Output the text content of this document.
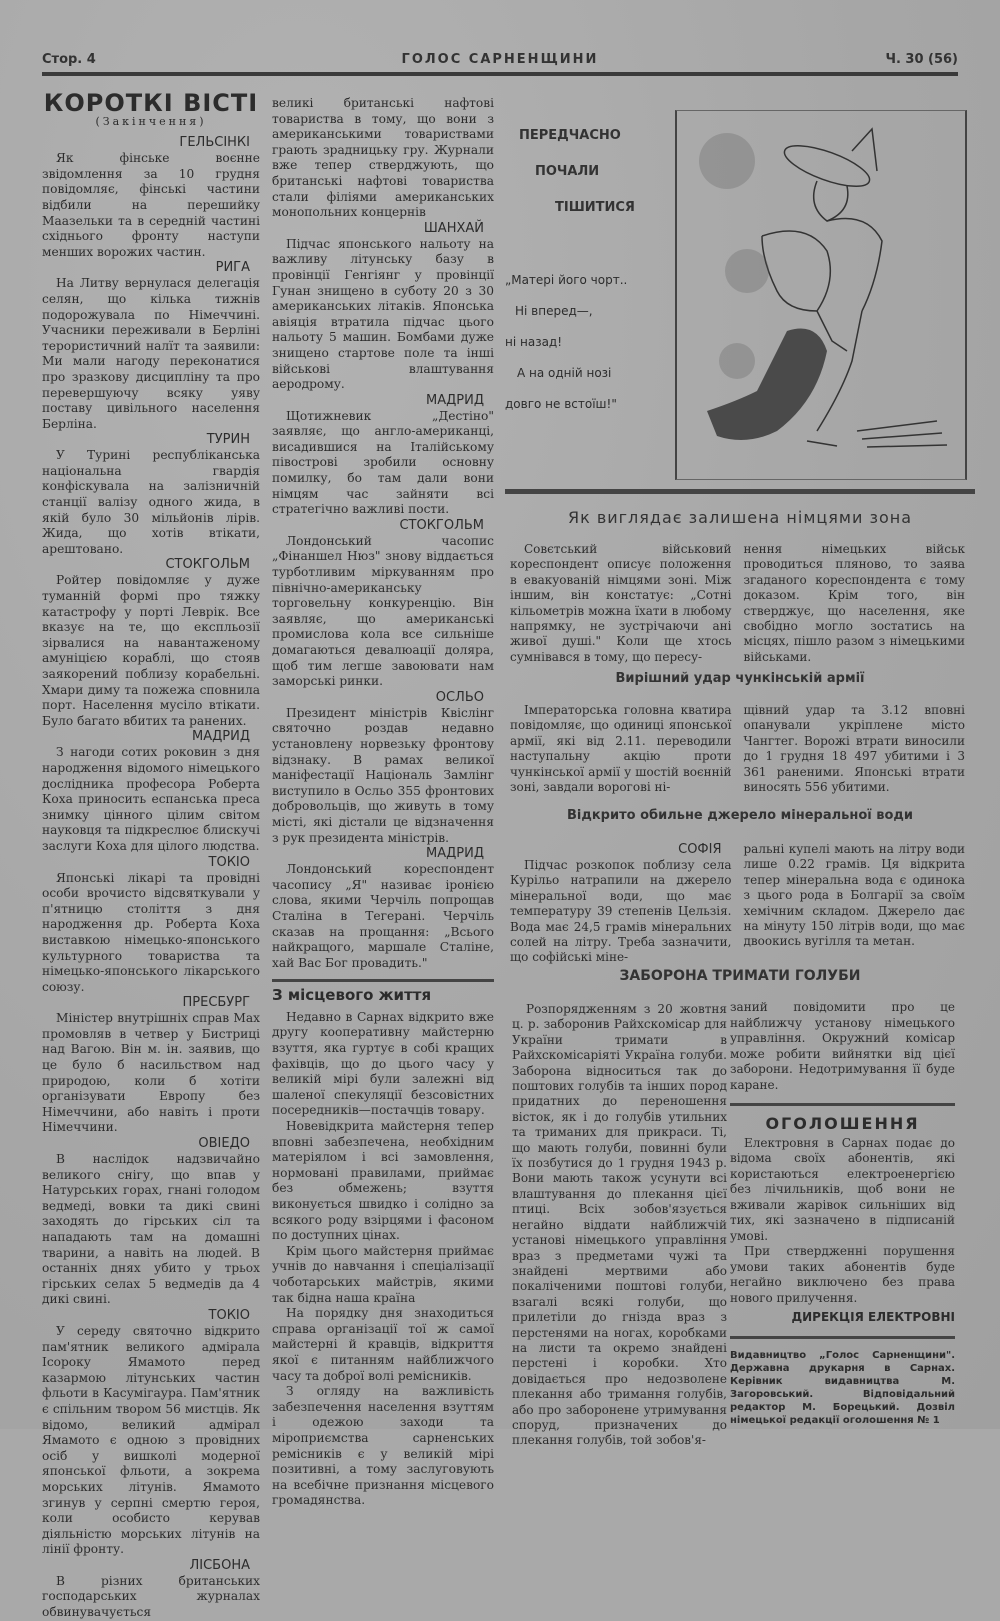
Стор. 4	ГОЛОС САРНЕНЩИНИ	Ч. 30 (56)
КОРОТКІ ВІСТІ
(Закінчення)
ГЕЛЬСІНКІ

Як фінське воєнне звідомлення за 10 грудня повідомляє, фінські частини відбили на перешийку Маазельки та в середній частині східнього фронту наступи менших ворожих частин.

РИГА

На Литву вернулася делегація селян, що кілька тижнів подорожувала по Німеччині. Учасники переживали в Берліні терористичний налїт та заявили: Ми мали нагоду переконатися про зразкову дисципліну та про перевершуючу всяку уяву поставу цивільного населення Берліна.

ТУРИН

У Турині республіканська національна гвардія конфіскувала на залізничній станції валізу одного жида, в якій було 30 мільйонів лірів. Жида, що хотів втікати, арештовано.

СТОКГОЛЬМ

Ройтер повідомляє у дуже туманній формі про тяжку катастрофу у порті Леврік. Все вказує на те, що експльозії зірвалися на навантаженому амуніцією кораблі, що стояв заякорений поблизу корабельні. Хмари диму та пожежа сповнила порт. Населення мусіло втікати. Було багато вбитих та ранених.

МАДРИД

З нагоди сотих роковин з дня народження відомого німецького дослідника професора Роберта Коха приносить еспанська преса знимку цінного цілим світом науковця та підкреслює блискучі заслуги Коха для цілого людства.

ТОКІО

Японські лікарі та провідні особи врочисто відсвяткували у п'ятницю століття з дня народження др. Роберта Коха виставкою німецько-японського культурного товариства та німецько-японського лікарського союзу.

ПРЕСБУРГ

Міністер внутрішніх справ Мах промовляв в четвер у Бистриці над Вагою. Він м. ін. заявив, що це було б насильством над природою, коли б хотіти організувати Европу без Німеччини, або навіть і проти Німеччини.

ОВІЕДО

В наслідок надзвичайно великого снігу, що впав у Натурських горах, гнані голодом ведмеді, вовки та дикі свині заходять до гірських сіл та нападають там на домашні тварини, а навіть на людей. В останніх днях убито у трьох гірських селах 5 ведмедів да 4 дикі свині.

ТОКІО

У середу святочно відкрито пам'ятник великого адмірала Ісороку Ямамото перед казармою літунських частин фльоти в Касумігаура. Пам'ятник є спільним твором 56 мистців. Як відомо, великий адмірал Ямамото є одною з провідних осіб у вишколі модерної японської фльоти, а зокрема морських літунів. Ямамото згинув у серпні смертю героя, коли особисто керував діяльністю морських літунів на лінії фронту.

ЛІСБОНА

В різних британських господарських журналах обвинувачується

великі британські нафтові товариства в тому, що вони з американськими товариствами грають зрадницьку гру. Журнали вже тепер стверджують, що британські нафтові товариства стали філіями американських монопольних концернів

ШАНХАЙ

Підчас японського нальоту на важливу літунську базу в провінції Генгіянг у провінції Гунан знищено в суботу 20 з 30 американських літаків. Японська авіяція втратила підчас цього нальоту 5 машин. Бомбами дуже знищено стартове поле та інші військові влаштування аеродрому.

МАДРИД

Щотижневик „Дестіно" заявляє, що англо-американці, висадившися на Італійському півострові зробили основну помилку, бо там дали вони німцям час зайняти всі стратегічно важливі пости.

СТОКГОЛЬМ

Лондонський часопис „Фінаншел Нюз" знову віддається турботливим міркуванням про північно-американську торговельну конкуренцію. Він заявляє, що американські промислова кола все сильніше домагаються девалюації доляра, щоб тим легше завоювати нам заморські ринки.

ОСЛЬО

Президент міністрів Квіслінг святочно роздав недавно установлену норвезьку фронтову відзнаку. В рамах великої маніфестації Національ Замлінг виступило в Осльо 355 фронтових добровольців, що живуть в тому місті, які дістали це відзначення з рук президента міністрів.

МАДРИД

Лондонський кореспондент часопису „Я" називає іронією слова, якими Черчіль попрощав Сталіна в Тегерані. Черчіль сказав на прощання: „Всього найкращого, маршале Сталіне, хай Вас Бог провадить."

З місцевого життя

Недавно в Сарнах відкрито вже другу кооперативну майстерню взуття, яка гуртує в собі кращих фахівців, що до цього часу у великій мірі були залежні від шаленої спекуляції безсовістних посередників—постачців товару.

Новевідкрита майстерня тепер вповні забезпечена, необхідним матеріялом і всі замовлення, нормовані правилами, приймає без обмежень; взуття виконується швидко і солідно за всякого роду взірцями і фасоном по доступних цінах.

Крім цього майстерня приймає учнів до навчання і спеціалізації чоботарських майстрів, якими так бідна наша країна

На порядку дня знаходиться справа організації тої ж самої майстерні й кравців, відкриття якої є питанням найближчого часу та доброї волі ремісників.

З огляду на важливість забезпечення населення взуттям і одежою заходи та міроприємства сарненських ремісників є у великій мірі позитивні, а тому заслуговують на всебічне признання місцевого громадянства.

ПЕРЕДЧАСНО
ПОЧАЛИ
ТІШИТИСЯ
„Матері його чорт..
Ні вперед—,
ні назад!
А на одній нозі
довго не встоїш!"
Як виглядає залишена німцями зона

Совєтський військовий кореспондент описує положення в евакуованій німцями зоні. Між іншим, він констатує: „Сотні кільометрів можна їхати в любому напрямку, не зустрічаючи ані живої душі." Коли ще хтось сумнівався в тому, що пересу-

нення німецьких військ проводиться пляново, то заява згаданого кореспондента є тому доказом. Крім того, він стверджує, що населення, яке свобідно могло зостатись на місцях, пішло разом з німецькими військами.

Вирішний удар чункінській армії

Імператорська головна кватира повідомляє, що одиниці японської армії, які від 2.11. переводили наступальну акцію проти чункінської армії у шостій воєнній зоні, завдали ворогові ні-

щівний удар та 3.12 вповні опанували укріплене місто Чангтег. Ворожі втрати виносили до 1 грудня 18 497 убитими і 3 361 раненими. Японські втрати виносять 556 убитими.

Відкрито обильне джерело мінеральної води
СОФІЯ

Підчас розкопок поблизу села Курільо натрапили на джерело мінеральної води, що має температуру 39 степенів Цельзія. Вода має 24,5 грамів мінеральних солей на літру. Треба зазначити, що софійські міне-

ральні купелі мають на літру води лише 0.22 грамів. Ця відкрита тепер мінеральна вода є одинока з цього рода в Болгарії за своїм хемічним складом. Джерело дає на мінуту 150 літрів води, що має двоокись вугілля та метан.

ЗАБОРОНА ТРИМАТИ ГОЛУБИ

Розпорядженням з 20 жовтня ц. р. заборонив Райхскомісар для України тримати в Райхскомісаріяті Україна голуби. Заборона відноситься так до поштових голубів та інших пород придатних до переношення вісток, як і до голубів утильних та триманих для прикраси. Ті, що мають голуби, повинні були їх позбутися до 1 грудня 1943 р. Вони мають також усунути всі влаштування до плекання цієї птиці. Всіх зобов'язується негайно віддати найближчій установі німецького управління враз з предметами чужі та знайдені мертвими або покаліченими поштові голуби, взагалі всякі голуби, що прилетіли до гнізда враз з перстенями на ногах, коробками на листи та окремо знайдені перстені і коробки. Хто довідається про недозволене плекання або тримання голубів, або про заборонене утримування споруд, призначених до плекання голубів, той зобов'я-

заний повідомити про це найближчу установу німецького управління. Окружний комісар може робити вийнятки від цієї заборони. Недотримування її буде каране.

ОГОЛОШЕННЯ

Електровня в Сарнах подає до відома своїх абонентів, які користаються електроенергією без лічильників, щоб вони не вживали жарівок сильніших від тих, які зазначено в підписаній умові.

При ствердженні порушення умови таких абонентів буде негайно виключено без права нового прилучення.

ДИРЕКЦІЯ ЕЛЕКТРОВНІ
Видавництво „Голос Сарненщини". Державна друкарня в Сарнах. Керівник видавництва М. Загоровський. Відповідальний редактор М. Борецький. Дозвіл німецької редакції оголошення № 1
